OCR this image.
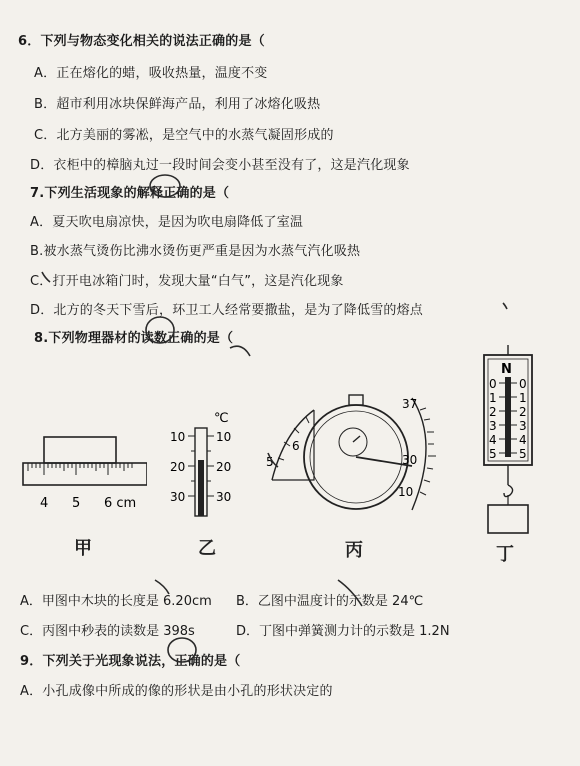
6．下列与物态变化相关的说法正确的是（
A．正在熔化的蜡，吸收热量，温度不变
B．超市利用冰块保鲜海产品，利用了冰熔化吸热
C．北方美丽的雾凇，是空气中的水蒸气凝固形成的
D．衣柜中的樟脑丸过一段时间会变小甚至没有了，这是汽化现象
7.下列生活现象的解释正确的是（
A．夏天吹电扇凉快，是因为吹电扇降低了室温
B.被水蒸气烫伤比沸水烫伤更严重是因为水蒸气汽化吸热
C．打开电冰箱门时，发现大量“白气”，这是汽化现象
D．北方的冬天下雪后，环卫工人经常要撒盐，是为了降低雪的熔点
8.下列物理器材的读数正确的是（
4 5 6 cm
甲
℃
10	10
20	20
30	30
乙
5
6
37
30
10
丙
N
0 0
1 1
2 2
3 3
4 4
5 5
丁
A．甲图中木块的长度是 6.20cm B．乙图中温度计的示数是 24℃
C．丙图中秒表的读数是 398s	D．丁图中弹簧测力计的示数是 1.2N
9．下列关于光现象说法，正确的是（
A．小孔成像中所成的像的形状是由小孔的形状决定的
